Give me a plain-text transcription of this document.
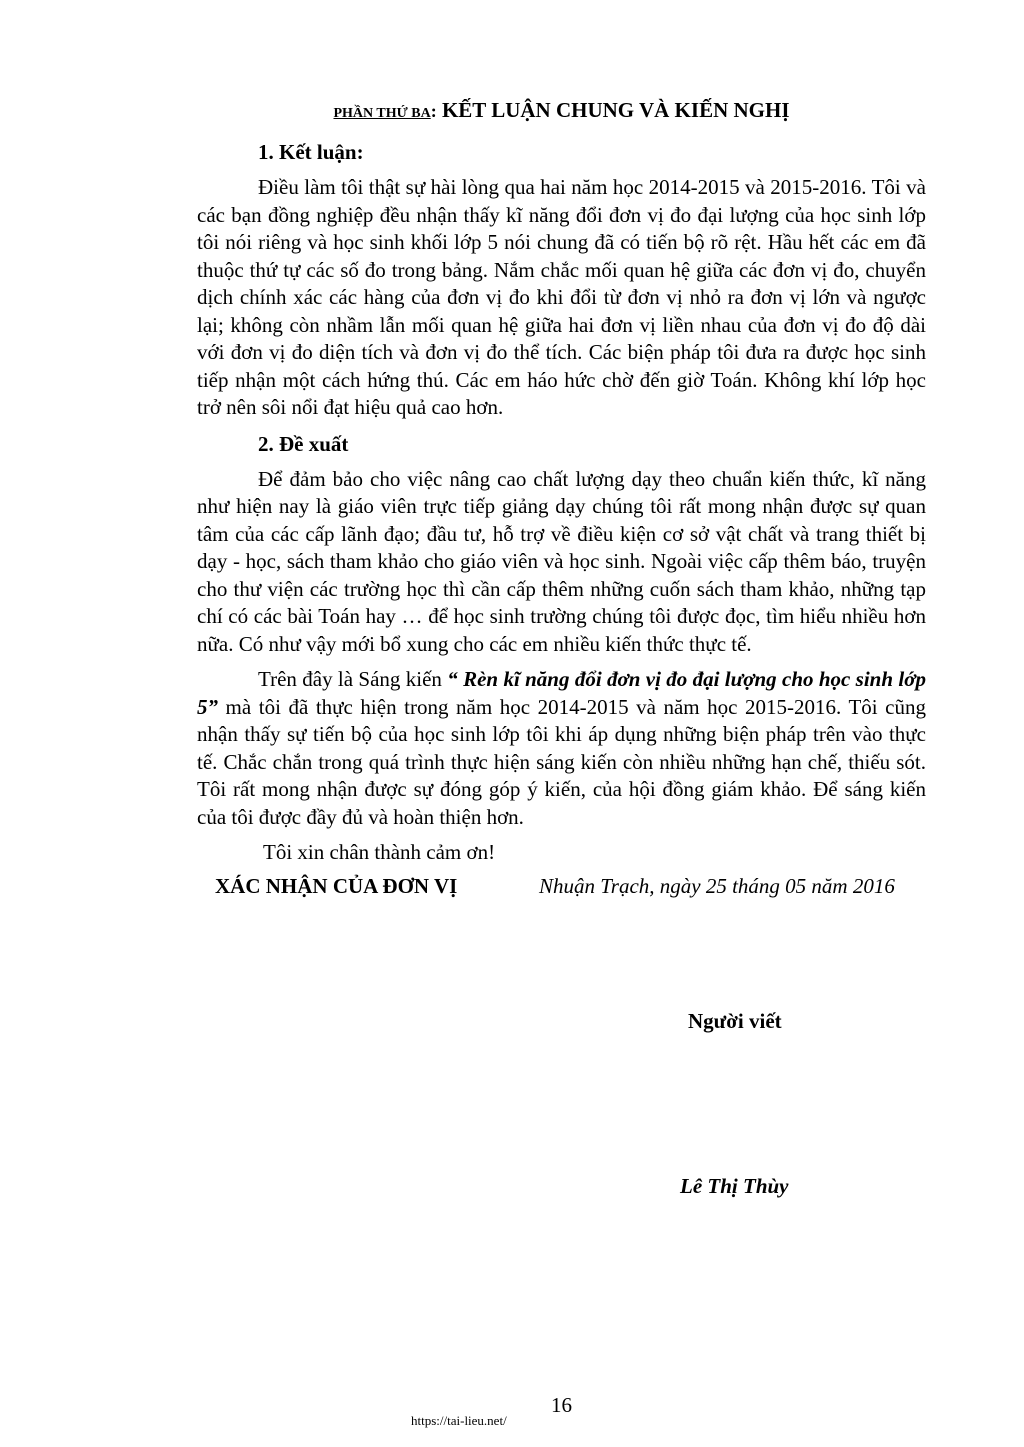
PHẦN THỨ BA: KẾT LUẬN CHUNG VÀ KIẾN NGHỊ
1. Kết luận:

Điều làm tôi thật sự hài lòng qua hai năm học 2014-2015 và 2015-2016. Tôi và các bạn đồng nghiệp đều nhận thấy kĩ năng đổi đơn vị đo đại lượng của học sinh lớp tôi nói riêng và học sinh khối lớp 5 nói chung đã có tiến bộ rõ rệt. Hầu hết các em đã thuộc thứ tự các số đo trong bảng. Nắm chắc mối quan hệ giữa các đơn vị đo, chuyển dịch chính xác các hàng của đơn vị đo khi đổi từ đơn vị nhỏ ra đơn vị lớn và ngược lại; không còn nhầm lẫn mối quan hệ giữa hai đơn vị liền nhau của đơn vị đo độ dài với đơn vị đo diện tích và đơn vị đo thể tích. Các biện pháp tôi đưa ra được học sinh tiếp nhận một cách hứng thú. Các em háo hức chờ đến giờ Toán. Không khí lớp học trở nên sôi nổi đạt hiệu quả cao hơn.

2. Đề xuất

Để đảm bảo cho việc nâng cao chất lượng dạy theo chuẩn kiến thức, kĩ năng như hiện nay là giáo viên trực tiếp giảng dạy chúng tôi rất mong nhận được sự quan tâm của các cấp lãnh đạo; đầu tư, hỗ trợ về điều kiện cơ sở vật chất và trang thiết bị dạy - học, sách tham khảo cho giáo viên và học sinh. Ngoài việc cấp thêm báo, truyện cho thư viện các trường học thì cần cấp thêm những cuốn sách tham khảo, những tạp chí có các bài Toán hay … để học sinh trường chúng tôi được đọc, tìm hiểu nhiều hơn nữa. Có như vậy mới bổ xung cho các em nhiều kiến thức thực tế.

Trên đây là Sáng kiến “ Rèn kĩ năng đổi đơn vị đo đại lượng cho học sinh lớp 5” mà tôi đã thực hiện trong năm học 2014-2015 và năm học 2015-2016. Tôi cũng nhận thấy sự tiến bộ của học sinh lớp tôi khi áp dụng những biện pháp trên vào thực tế. Chắc chắn trong quá trình thực hiện sáng kiến còn nhiều những hạn chế, thiếu sót. Tôi rất mong nhận được sự đóng góp ý kiến, của hội đồng giám khảo. Để sáng kiến của tôi được đầy đủ và hoàn thiện hơn.

Tôi xin chân thành cảm ơn!
XÁC NHẬN CỦA ĐƠN VỊ	Nhuận Trạch, ngày 25 tháng 05 năm 2016
Người viết
Lê Thị Thùy
16
https://tai-lieu.net/
